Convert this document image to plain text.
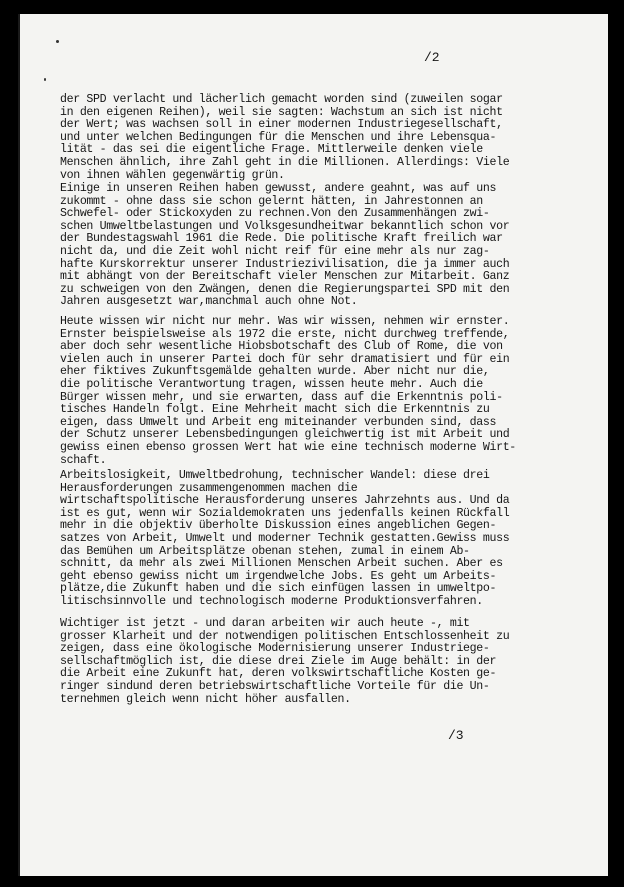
/2
der SPD verlacht und lächerlich gemacht worden sind (zuweilen sogar
in den eigenen Reihen), weil sie sagten: Wachstum an sich ist nicht
der Wert; was wachsen soll in einer modernen Industriegesellschaft,
und unter welchen Bedingungen für die Menschen und ihre Lebensqua-
lität - das sei die eigentliche Frage. Mittlerweile denken viele
Menschen ähnlich, ihre Zahl geht in die Millionen. Allerdings: Viele
von ihnen wählen gegenwärtig grün.
Einige in unseren Reihen haben gewusst, andere geahnt, was auf uns
zukommt - ohne dass sie schon gelernt hätten, in Jahrestonnen an
Schwefel- oder Stickoxyden zu rechnen.Von den Zusammenhängen zwi-
schen Umweltbelastungen und Volksgesundheitwar bekanntlich schon vor
der Bundestagswahl 1961 die Rede. Die politische Kraft freilich war
nicht da, und die Zeit wohl nicht reif für eine mehr als nur zag-
hafte Kurskorrektur unserer Industriezivilisation, die ja immer auch
mit abhängt von der Bereitschaft vieler Menschen zur Mitarbeit. Ganz
zu schweigen von den Zwängen, denen die Regierungspartei SPD mit den
Jahren ausgesetzt war,manchmal auch ohne Not.
Heute wissen wir nicht nur mehr. Was wir wissen, nehmen wir ernster.
Ernster beispielsweise als 1972 die erste, nicht durchweg treffende,
aber doch sehr wesentliche Hiobsbotschaft des Club of Rome, die von
vielen auch in unserer Partei doch für sehr dramatisiert und für ein
eher fiktives Zukunftsgemälde gehalten wurde. Aber nicht nur die,
die politische Verantwortung tragen, wissen heute mehr. Auch die
Bürger wissen mehr, und sie erwarten, dass auf die Erkenntnis poli-
tisches Handeln folgt. Eine Mehrheit macht sich die Erkenntnis zu
eigen, dass Umwelt und Arbeit eng miteinander verbunden sind, dass
der Schutz unserer Lebensbedingungen gleichwertig ist mit Arbeit und
gewiss einen ebenso grossen Wert hat wie eine technisch moderne Wirt-
schaft.
Arbeitslosigkeit, Umweltbedrohung, technischer Wandel: diese drei
Herausforderungen zusammengenommen machen die
wirtschaftspolitische Herausforderung unseres Jahrzehnts aus. Und da
ist es gut, wenn wir Sozialdemokraten uns jedenfalls keinen Rückfall
mehr in die objektiv überholte Diskussion eines angeblichen Gegen-
satzes von Arbeit, Umwelt und moderner Technik gestatten.Gewiss muss
das Bemühen um Arbeitsplätze obenan stehen, zumal in einem Ab-
schnitt, da mehr als zwei Millionen Menschen Arbeit suchen. Aber es
geht ebenso gewiss nicht um irgendwelche Jobs. Es geht um Arbeits-
plätze,die Zukunft haben und die sich einfügen lassen in umweltpo-
litischsinnvolle und technologisch moderne Produktionsverfahren.
Wichtiger ist jetzt - und daran arbeiten wir auch heute -, mit
grosser Klarheit und der notwendigen politischen Entschlossenheit zu
zeigen, dass eine ökologische Modernisierung unserer Industriege-
sellschaftmöglich ist, die diese drei Ziele im Auge behält: in der
die Arbeit eine Zukunft hat, deren volkswirtschaftliche Kosten ge-
ringer sindund deren betriebswirtschaftliche Vorteile für die Un-
ternehmen gleich wenn nicht höher ausfallen.
/3
